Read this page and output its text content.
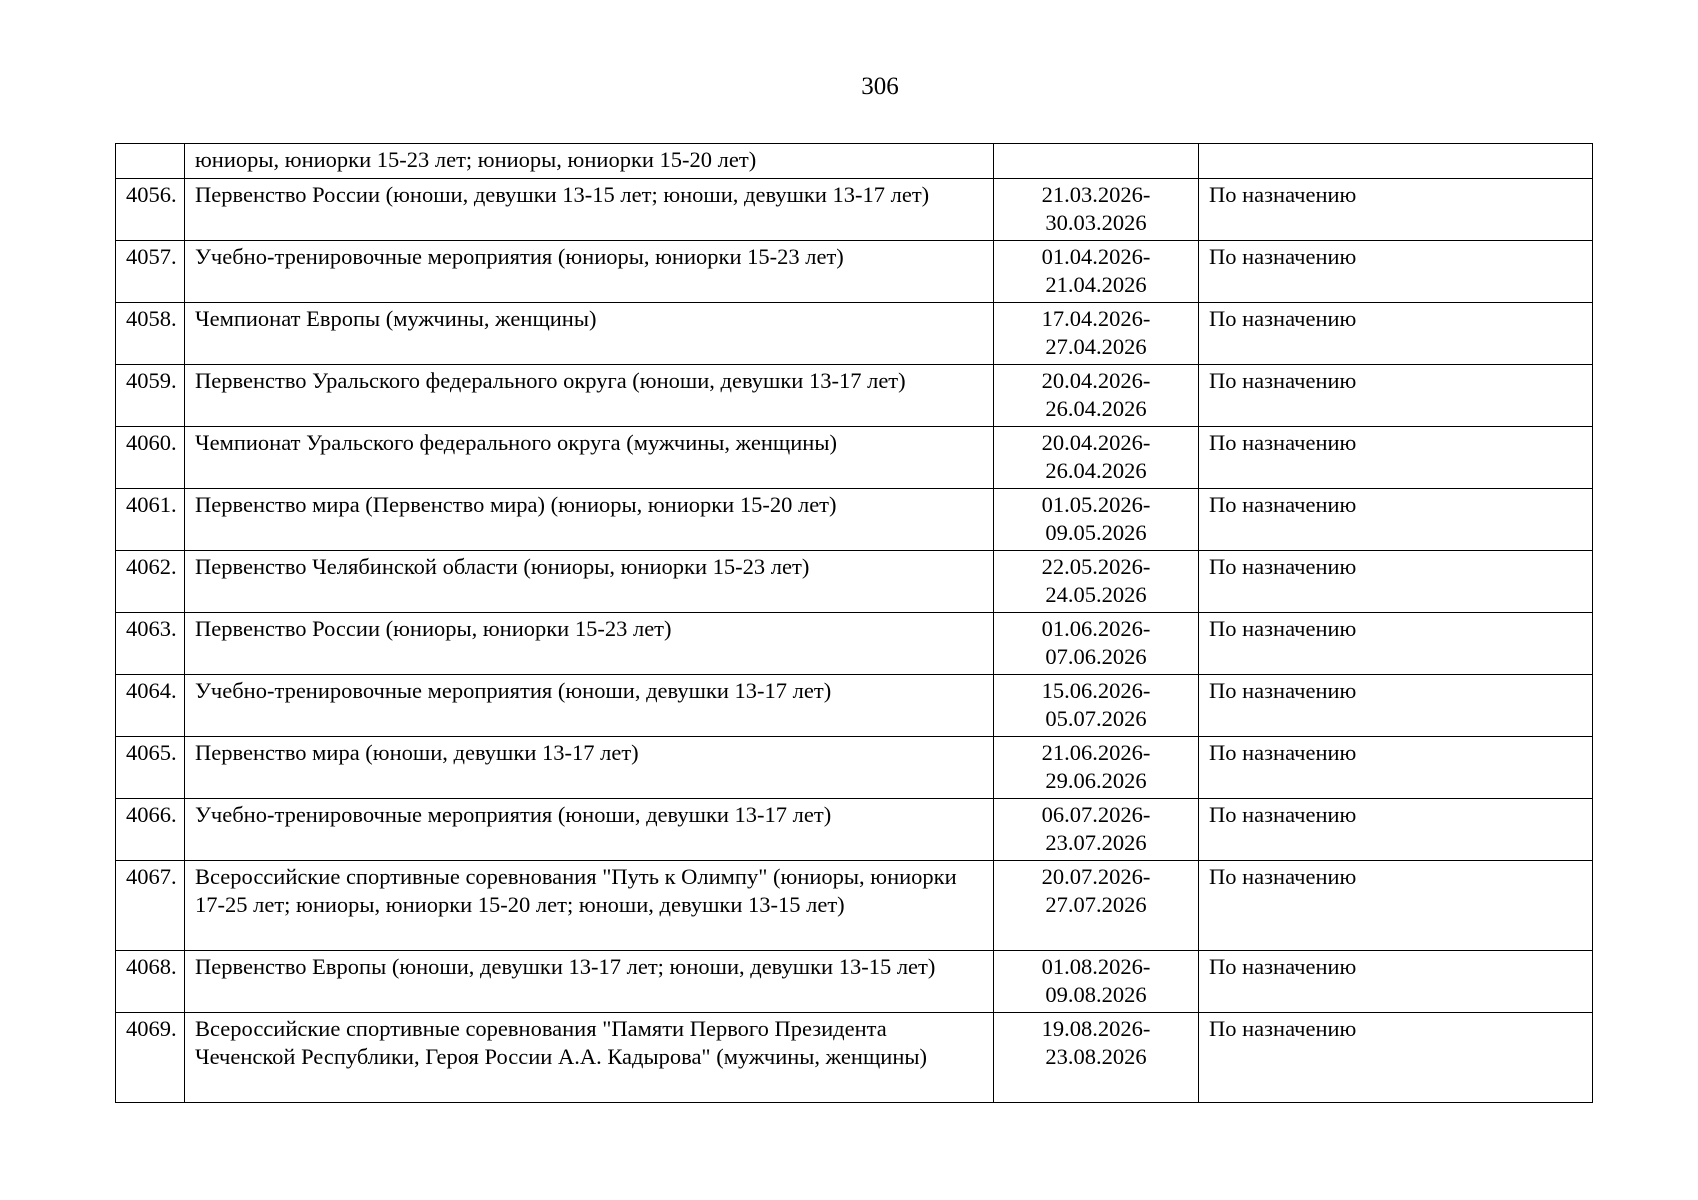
306
	юниоры, юниорки 15-23 лет; юниоры, юниорки 15-20 лет)	

4056.	Первенство России (юноши, девушки 13-15 лет; юноши, девушки 13-17 лет)	21.03.2026-
30.03.2026	По назначению
4057.	Учебно-тренировочные мероприятия (юниоры, юниорки 15-23 лет)	01.04.2026-
21.04.2026	По назначению
4058.	Чемпионат Европы (мужчины, женщины)	17.04.2026-
27.04.2026	По назначению
4059.	Первенство Уральского федерального округа (юноши, девушки 13-17 лет)	20.04.2026-
26.04.2026	По назначению
4060.	Чемпионат Уральского федерального округа (мужчины, женщины)	20.04.2026-
26.04.2026	По назначению
4061.	Первенство мира (Первенство мира) (юниоры, юниорки 15-20 лет)	01.05.2026-
09.05.2026	По назначению
4062.	Первенство Челябинской области (юниоры, юниорки 15-23 лет)	22.05.2026-
24.05.2026	По назначению
4063.	Первенство России (юниоры, юниорки 15-23 лет)	01.06.2026-
07.06.2026	По назначению
4064.	Учебно-тренировочные мероприятия (юноши, девушки 13-17 лет)	15.06.2026-
05.07.2026	По назначению
4065.	Первенство мира (юноши, девушки 13-17 лет)	21.06.2026-
29.06.2026	По назначению
4066.	Учебно-тренировочные мероприятия (юноши, девушки 13-17 лет)	06.07.2026-
23.07.2026	По назначению
4067.	Всероссийские спортивные соревнования "Путь к Олимпу" (юниоры, юниорки 17-25 лет; юниоры, юниорки 15-20 лет; юноши, девушки 13-15 лет)	20.07.2026-
27.07.2026	По назначению
4068.	Первенство Европы (юноши, девушки 13-17 лет; юноши, девушки 13-15 лет)	01.08.2026-
09.08.2026	По назначению
4069.	Всероссийские спортивные соревнования "Памяти Первого Президента Чеченской Республики, Героя России А.А. Кадырова" (мужчины, женщины)	19.08.2026-
23.08.2026	По назначению
